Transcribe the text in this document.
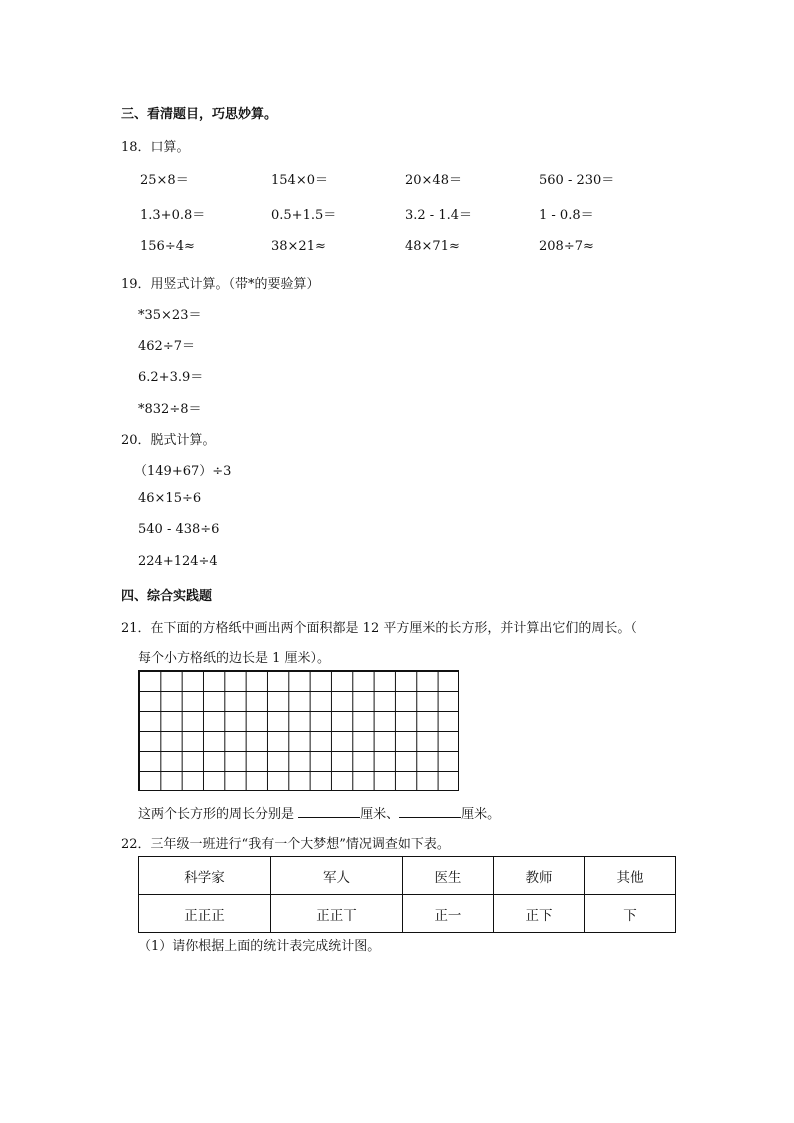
三、看清题目，巧思妙算。
18．口算。
25×8＝	154×0＝	20×48＝	560 - 230＝
1.3+0.8＝	0.5+1.5＝	3.2 - 1.4＝	1 - 0.8＝
156÷4≈	38×21≈	48×71≈	208÷7≈
19．用竖式计算。（带*的要验算）
*35×23＝
462÷7＝
6.2+3.9＝
*832÷8＝
20．脱式计算。
（149+67）÷3
46×15÷6
540 - 438÷6
224+124÷4
四、综合实践题
21．在下面的方格纸中画出两个面积都是 12 平方厘米的长方形，并计算出它们的周长。（
每个小方格纸的边长是 1 厘米）。
这两个长方形的周长分别是	厘米、	厘米。
22．三年级一班进行“我有一个大梦想”情况调查如下表。
科学家	军人	医生	教师	其他
正正正	正正丅	正一	正下	下
（1）请你根据上面的统计表完成统计图。
